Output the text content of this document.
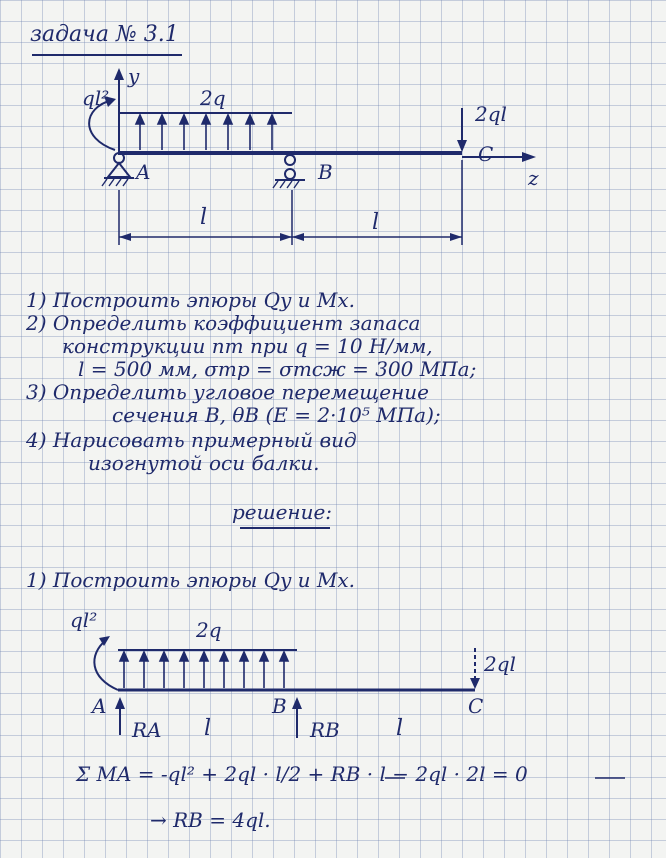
задача № 3.1
ql²
y
2q
2ql
A	B
C
z
l	l
1) Построить эпюры Qy и Mx.
2) Определить коэффициент запаса
конструкции nт при q = 10 Н/мм,
l = 500 мм, σтр = σтсж = 300 МПа;
3) Определить угловое перемещение
сечения B, θB (E = 2·10⁵ МПа);
4) Нарисовать примерный вид
изогнутой оси балки.
решение:
1) Построить эпюры Qy и Mx.
ql²	2q
2ql
A	B	C
RA	RB
l	l
Σ MA = -ql² + 2ql · l/2 + RB · l − 2ql · 2l = 0
→ RB = 4ql.
